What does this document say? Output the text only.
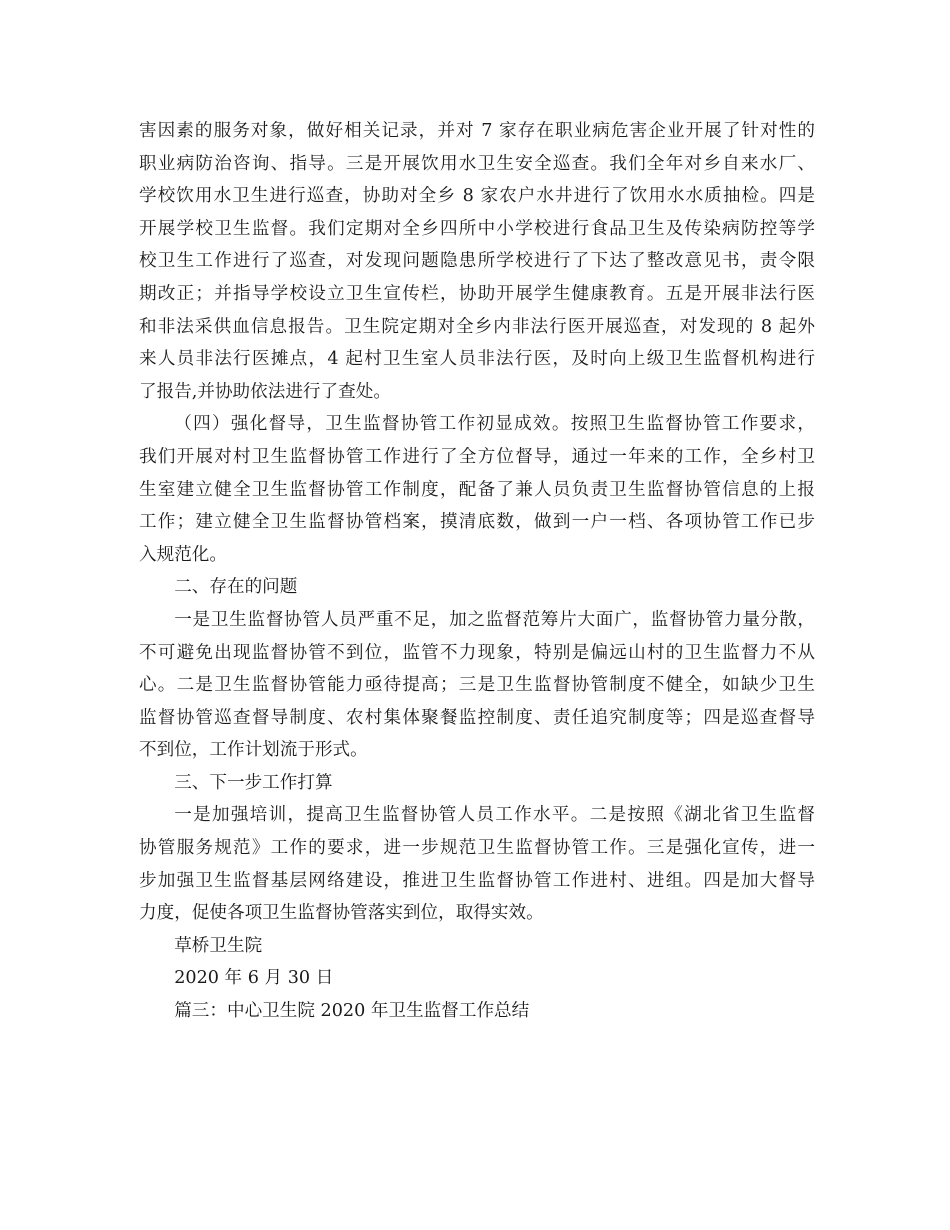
害因素的服务对象，做好相关记录，并对 7 家存在职业病危害企业开展了针对性的
职业病防治咨询、指导。三是开展饮用水卫生安全巡查。我们全年对乡自来水厂、
学校饮用水卫生进行巡查，协助对全乡 8 家农户水井进行了饮用水水质抽检。四是
开展学校卫生监督。我们定期对全乡四所中小学校进行食品卫生及传染病防控等学
校卫生工作进行了巡查，对发现问题隐患所学校进行了下达了整改意见书，责令限
期改正；并指导学校设立卫生宣传栏，协助开展学生健康教育。五是开展非法行医
和非法采供血信息报告。卫生院定期对全乡内非法行医开展巡查，对发现的 8 起外
来人员非法行医摊点，4 起村卫生室人员非法行医，及时向上级卫生监督机构进行
了报告,并协助依法进行了查处。
（四）强化督导，卫生监督协管工作初显成效。按照卫生监督协管工作要求，
我们开展对村卫生监督协管工作进行了全方位督导，通过一年来的工作，全乡村卫
生室建立健全卫生监督协管工作制度，配备了兼人员负责卫生监督协管信息的上报
工作；建立健全卫生监督协管档案，摸清底数，做到一户一档、各项协管工作已步
入规范化。
二、存在的问题
一是卫生监督协管人员严重不足，加之监督范筹片大面广，监督协管力量分散，
不可避免出现监督协管不到位，监管不力现象，特别是偏远山村的卫生监督力不从
心。二是卫生监督协管能力亟待提高；三是卫生监督协管制度不健全，如缺少卫生
监督协管巡查督导制度、农村集体聚餐监控制度、责任追究制度等；四是巡查督导
不到位，工作计划流于形式。
三、下一步工作打算
一是加强培训，提高卫生监督协管人员工作水平。二是按照《湖北省卫生监督
协管服务规范》工作的要求，进一步规范卫生监督协管工作。三是强化宣传，进一
步加强卫生监督基层网络建设，推进卫生监督协管工作进村、进组。四是加大督导
力度，促使各项卫生监督协管落实到位，取得实效。
草桥卫生院
2020 年 6 月 30 日
篇三：中心卫生院 2020 年卫生监督工作总结
